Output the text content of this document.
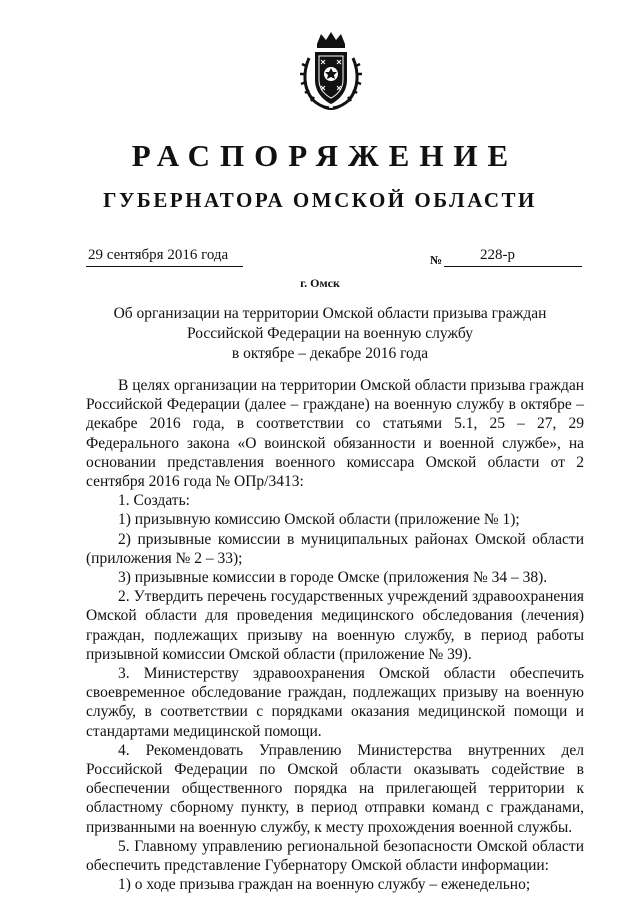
РАСПОРЯЖЕНИЕ
ГУБЕРНАТОРА ОМСКОЙ ОБЛАСТИ
29 сентября 2016 года	№	228-р
г. Омск
Об организации на территории Омской области призыва граждан
Российской Федерации на военную службу
в октябре – декабре 2016 года

В целях организации на территории Омской области призыва граждан Российской Федерации (далее – граждане) на военную службу в октябре – декабре 2016 года, в соответствии со статьями 5.1, 25 – 27, 29 Федерального закона «О воинской обязанности и военной службе», на основании представления военного комиссара Омской области от 2 сентября 2016 года № ОПр/3413:

1. Создать:

1) призывную комиссию Омской области (приложение № 1);

2) призывные комиссии в муниципальных районах Омской области (приложения № 2 – 33);

3) призывные комиссии в городе Омске (приложения № 34 – 38).

2. Утвердить перечень государственных учреждений здравоохранения Омской области для проведения медицинского обследования (лечения) граждан, подлежащих призыву на военную службу, в период работы призывной комиссии Омской области (приложение № 39).

3. Министерству здравоохранения Омской области обеспечить своевременное обследование граждан, подлежащих призыву на военную службу, в соответствии с порядками оказания медицинской помощи и стандартами медицинской помощи.

4. Рекомендовать Управлению Министерства внутренних дел Российской Федерации по Омской области оказывать содействие в обеспечении общественного порядка на прилегающей территории к областному сборному пункту, в период отправки команд с гражданами, призванными на военную службу, к месту прохождения военной службы.

5. Главному управлению региональной безопасности Омской области обеспечить представление Губернатору Омской области информации:

1) о ходе призыва граждан на военную службу – еженедельно;
